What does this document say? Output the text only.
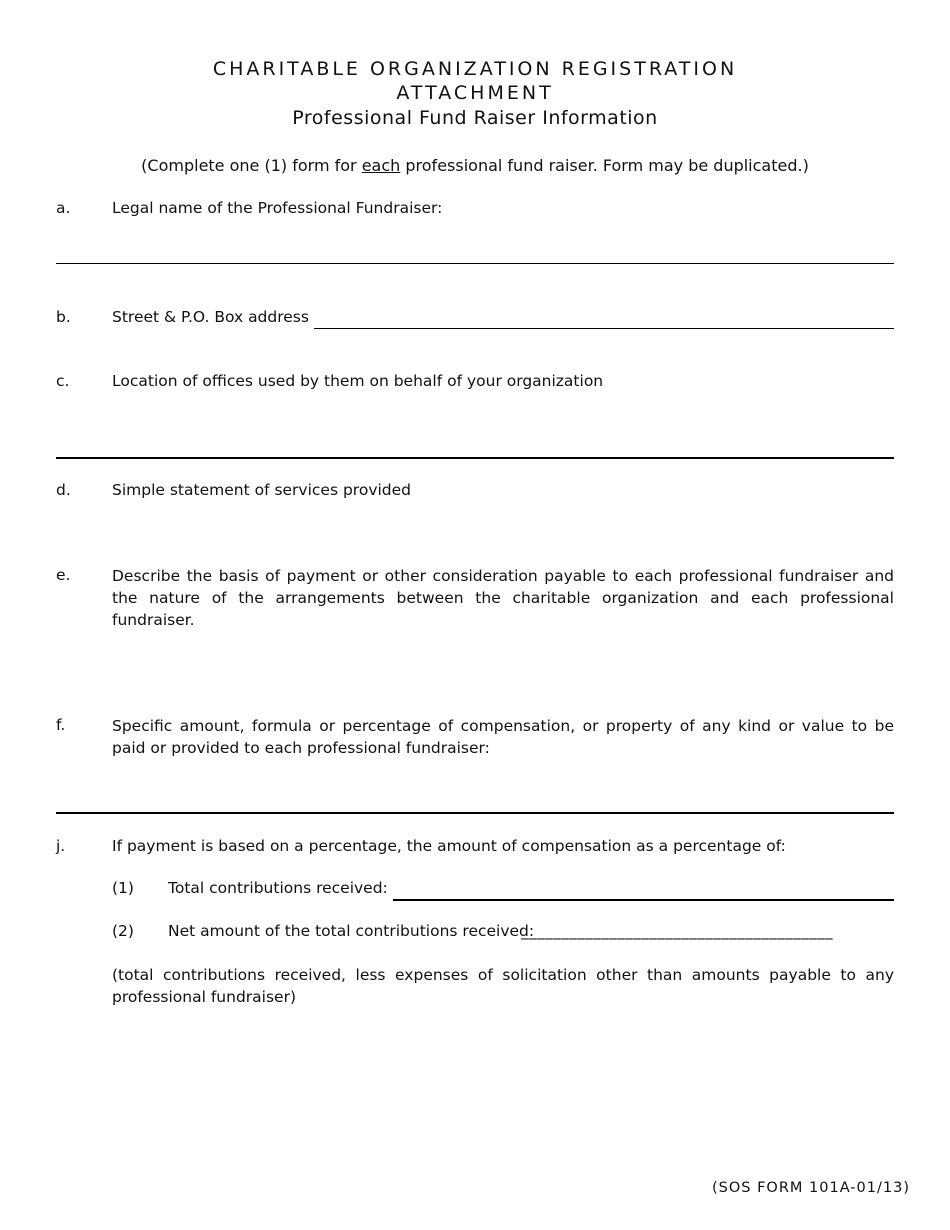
CHARITABLE ORGANIZATION REGISTRATION
ATTACHMENT
Professional Fund Raiser Information
(Complete one (1) form for each professional fund raiser. Form may be duplicated.)
a.	Legal name of the Professional Fundraiser:
b.	Street & P.O. Box address
c.	Location of offices used by them on behalf of your organization
d.	Simple statement of services provided
e.	Describe the basis of payment or other consideration payable to each professional fundraiser and the nature of the arrangements between the charitable organization and each professional fundraiser.
f.	Specific amount, formula or percentage of compensation, or property of any kind or value to be paid or provided to each professional fundraiser:
j.	If payment is based on a percentage, the amount of compensation as a percentage of:
(1) Total contributions received:
(2) Net amount of the total contributions received:
_______________________________________
(total contributions received, less expenses of solicitation other than amounts payable to any professional fundraiser)
(SOS FORM 101A-01/13)
